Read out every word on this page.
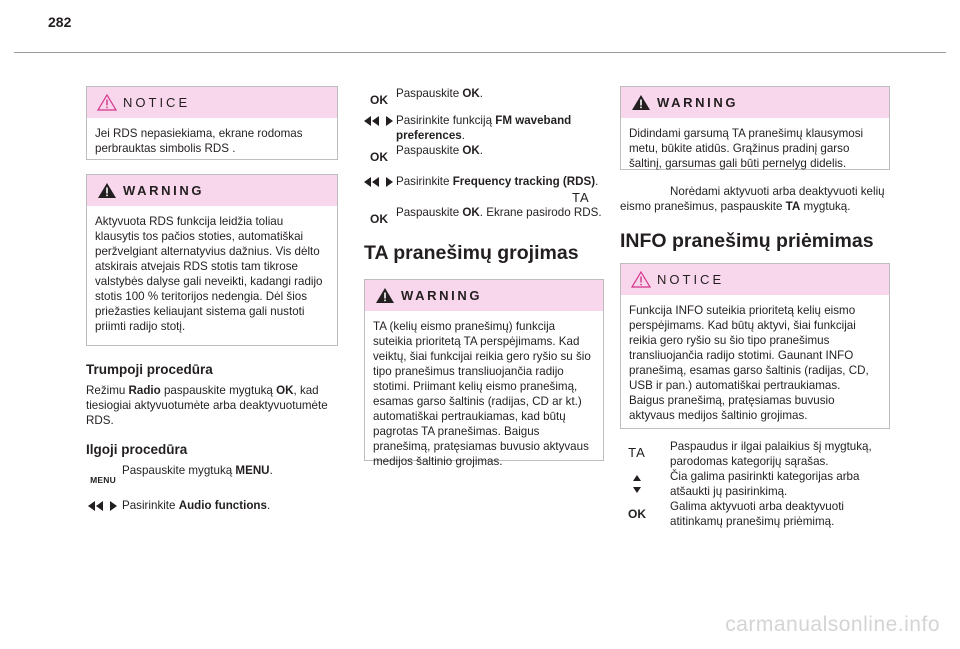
282
NOTICE
Jei RDS nepasiekiama, ekrane rodomas perbrauktas simbolis RDS .
WARNING
Aktyvuota RDS funkcija leidžia toliau klausytis tos pačios stoties, automatiškai peržvelgiant alternatyvius dažnius. Vis dėlto atskirais atvejais RDS stotis tam tikrose valstybės dalyse gali neveikti, kadangi radijo stotis 100 % teritorijos nedengia. Dėl šios priežasties keliaujant sistema gali nustoti priimti radijo stotį.
Trumpoji procedūra
Režimu Radio paspauskite mygtuką OK, kad tiesiogiai aktyvuotumėte arba deaktyvuotumėte RDS.
Ilgoji procedūra
MENU
Paspauskite mygtuką MENU.
Pasirinkite Audio functions.
OK Paspauskite OK.
Pasirinkite funkciją FM waveband preferences.
OK Paspauskite OK.
Pasirinkite Frequency tracking (RDS).
OK Paspauskite OK. Ekrane pasirodo RDS.
TA pranešimų grojimas
WARNING
TA (kelių eismo pranešimų) funkcija suteikia prioritetą TA perspėjimams. Kad veiktų, šiai funkcijai reikia gero ryšio su šio tipo pranešimus transliuojančia radijo stotimi. Priimant kelių eismo pranešimą, esamas garso šaltinis (radijas, CD ar kt.) automatiškai pertraukiamas, kad būtų pagrotas TA pranešimas. Baigus pranešimą, pratęsiamas buvusio aktyvaus medijos šaltinio grojimas.
WARNING
Didindami garsumą TA pranešimų klausymosi metu, būkite atidūs. Grąžinus pradinį garso šaltinį, garsumas gali būti pernelyg didelis.
TA	Norėdami aktyvuoti arba deaktyvuoti kelių eismo pranešimus, paspauskite TA mygtuką.
INFO pranešimų priėmimas
NOTICE
Funkcija INFO suteikia prioritetą kelių eismo perspėjimams. Kad būtų aktyvi, šiai funkcijai reikia gero ryšio su šio tipo pranešimus transliuojančia radijo stotimi. Gaunant INFO pranešimą, esamas garso šaltinis (radijas, CD, USB ir pan.) automatiškai pertraukiamas. Baigus pranešimą, pratęsiamas buvusio aktyvaus medijos šaltinio grojimas.
TA	Paspaudus ir ilgai palaikius šį mygtuką, parodomas kategorijų sąrašas.
Čia galima pasirinkti kategorijas arba atšaukti jų pasirinkimą.
OK
Galima aktyvuoti arba deaktyvuoti atitinkamų pranešimų priėmimą.
carmanualsonline.info
